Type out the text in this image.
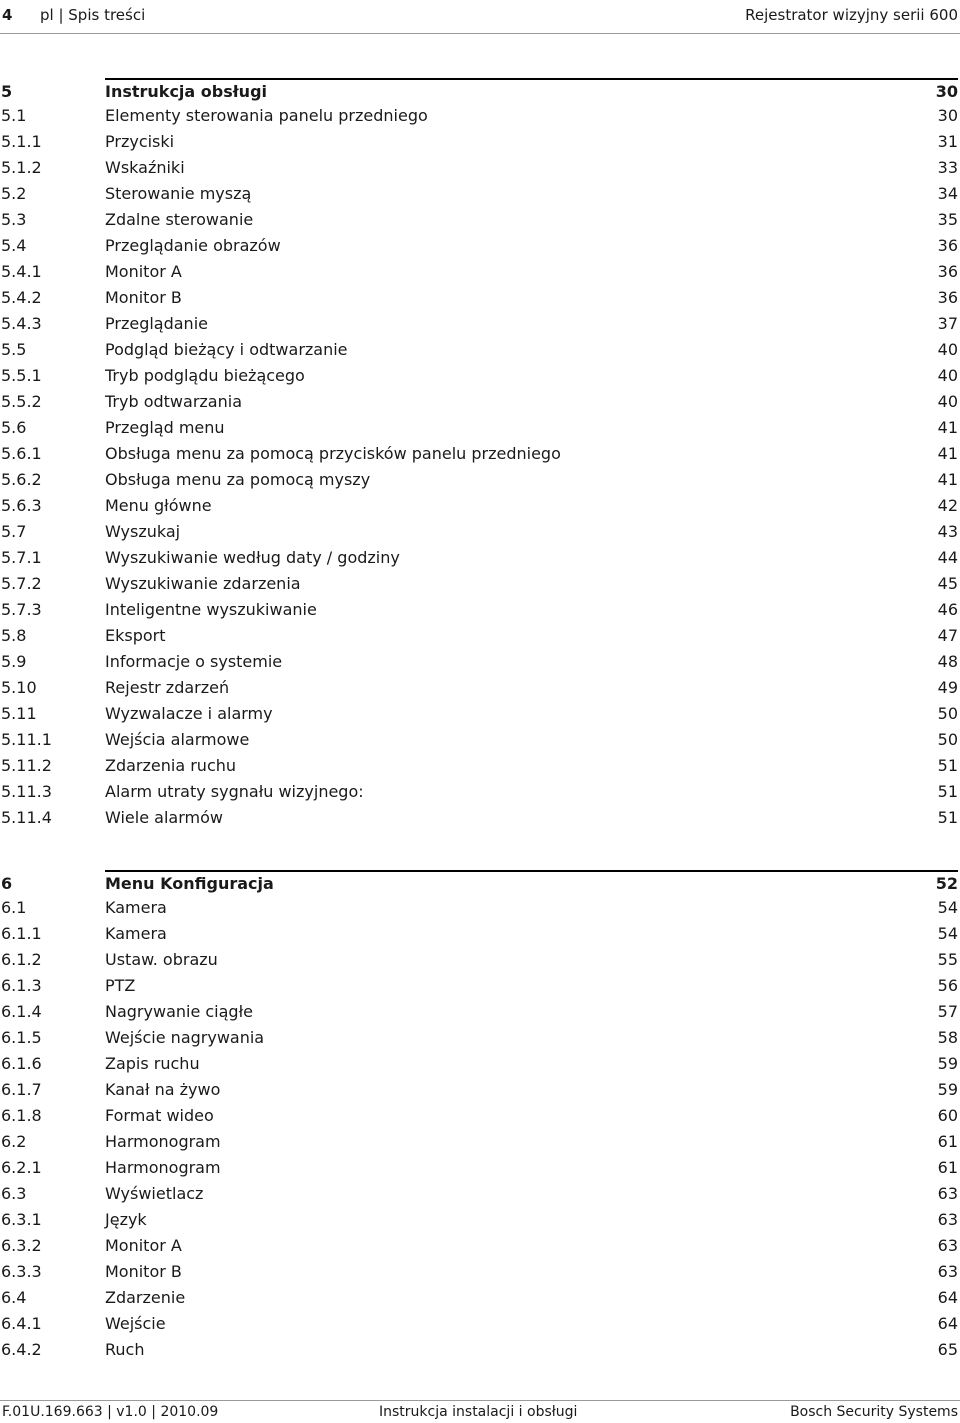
4 pl | Spis treści	Rejestrator wizyjny serii 600
5	Instrukcja obsługi	30
5.1	Elementy sterowania panelu przedniego	30
5.1.1	Przyciski	31
5.1.2	Wskaźniki	33
5.2	Sterowanie myszą	34
5.3	Zdalne sterowanie	35
5.4	Przeglądanie obrazów	36
5.4.1	Monitor A	36
5.4.2	Monitor B	36
5.4.3	Przeglądanie	37
5.5	Podgląd bieżący i odtwarzanie	40
5.5.1	Tryb podglądu bieżącego	40
5.5.2	Tryb odtwarzania	40
5.6	Przegląd menu	41
5.6.1	Obsługa menu za pomocą przycisków panelu przedniego	41
5.6.2	Obsługa menu za pomocą myszy	41
5.6.3	Menu główne	42
5.7	Wyszukaj	43
5.7.1	Wyszukiwanie według daty / godziny	44
5.7.2	Wyszukiwanie zdarzenia	45
5.7.3	Inteligentne wyszukiwanie	46
5.8	Eksport	47
5.9	Informacje o systemie	48
5.10	Rejestr zdarzeń	49
5.11	Wyzwalacze i alarmy	50
5.11.1	Wejścia alarmowe	50
5.11.2	Zdarzenia ruchu	51
5.11.3	Alarm utraty sygnału wizyjnego:	51
5.11.4	Wiele alarmów	51
6	Menu Konfiguracja	52
6.1	Kamera	54
6.1.1	Kamera	54
6.1.2	Ustaw. obrazu	55
6.1.3	PTZ	56
6.1.4	Nagrywanie ciągłe	57
6.1.5	Wejście nagrywania	58
6.1.6	Zapis ruchu	59
6.1.7	Kanał na żywo	59
6.1.8	Format wideo	60
6.2	Harmonogram	61
6.2.1	Harmonogram	61
6.3	Wyświetlacz	63
6.3.1	Język	63
6.3.2	Monitor A	63
6.3.3	Monitor B	63
6.4	Zdarzenie	64
6.4.1	Wejście	64
6.4.2	Ruch	65
F.01U.169.663 | v1.0 | 2010.09	Instrukcja instalacji i obsługi	Bosch Security Systems
